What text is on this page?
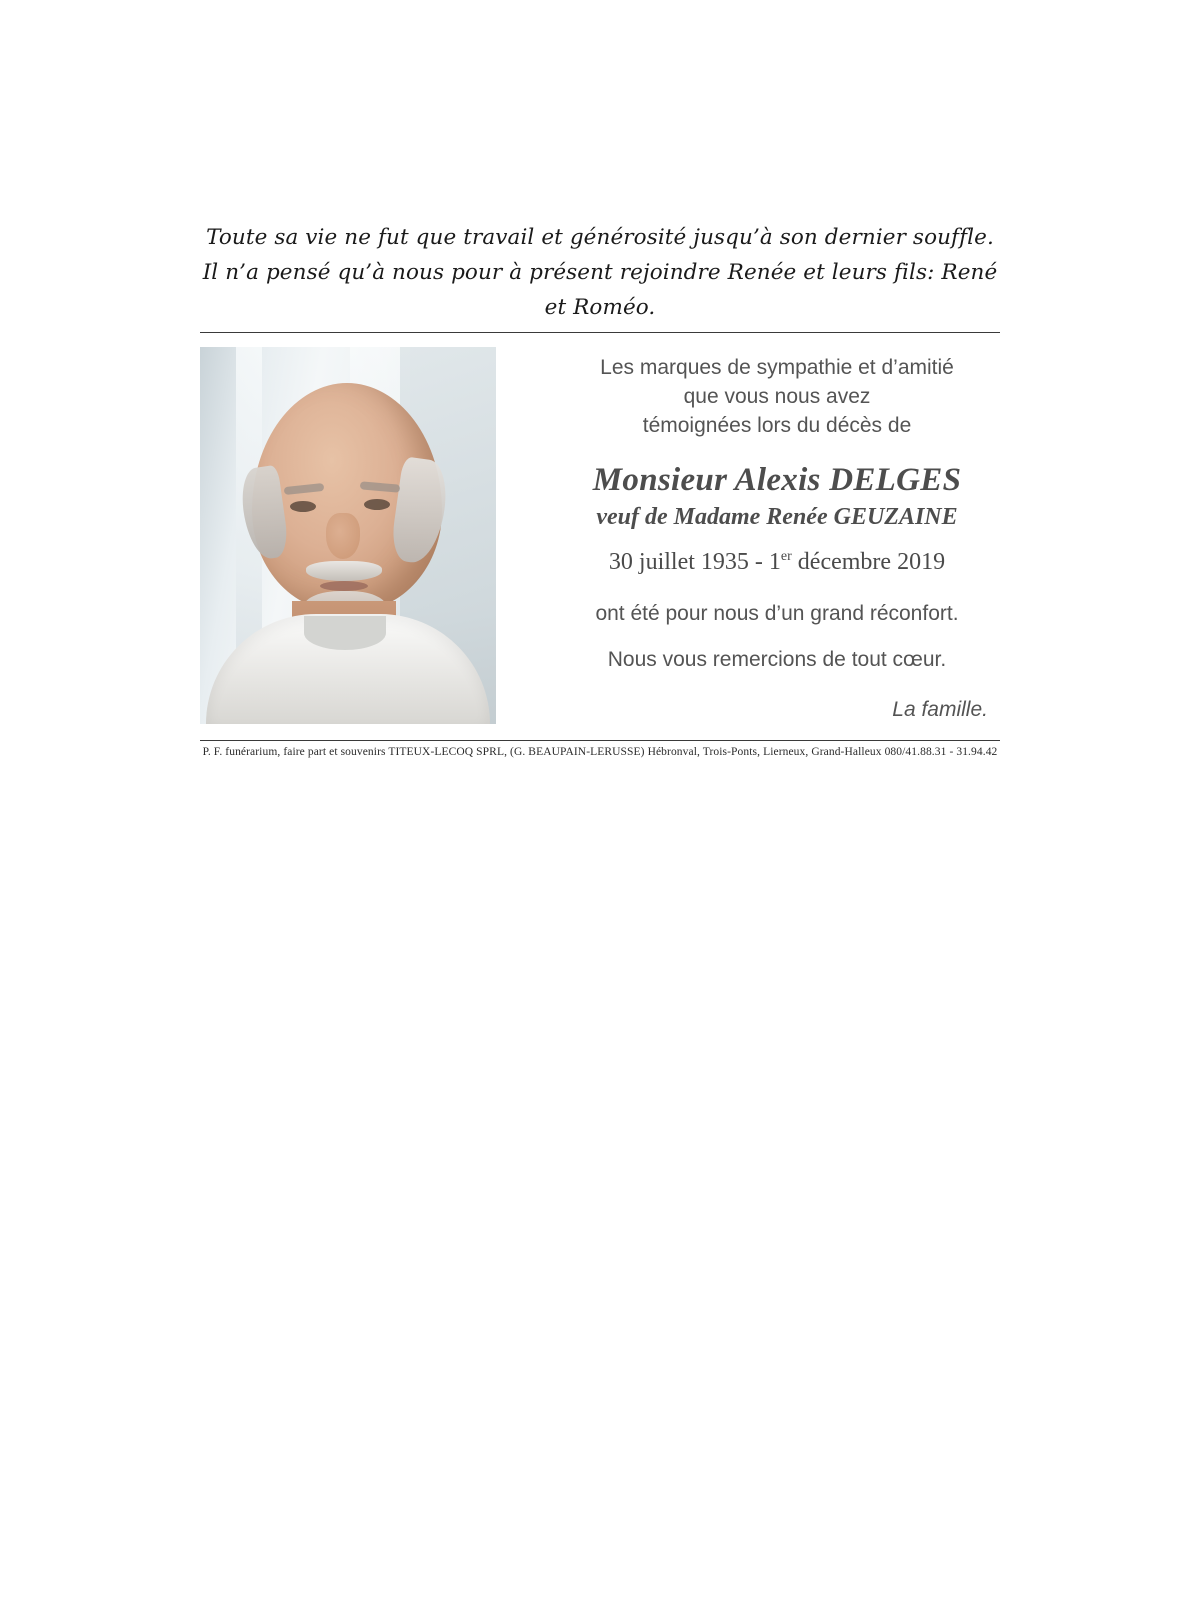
Toute sa vie ne fut que travail et générosité jusqu’à son dernier souffle.
Il n’a pensé qu’à nous pour à présent rejoindre Renée et leurs fils: René et Roméo.
Les marques de sympathie et d’amitié
que vous nous avez
témoignées lors du décès de
Monsieur Alexis DELGES
veuf de Madame Renée GEUZAINE
30 juillet 1935 - 1er décembre 2019
ont été pour nous d’un grand réconfort.
Nous vous remercions de tout cœur.
La famille.
P. F. funérarium, faire part et souvenirs TITEUX-LECOQ SPRL, (G. BEAUPAIN-LERUSSE) Hébronval, Trois-Ponts, Lierneux, Grand-Halleux 080/41.88.31 - 31.94.42
